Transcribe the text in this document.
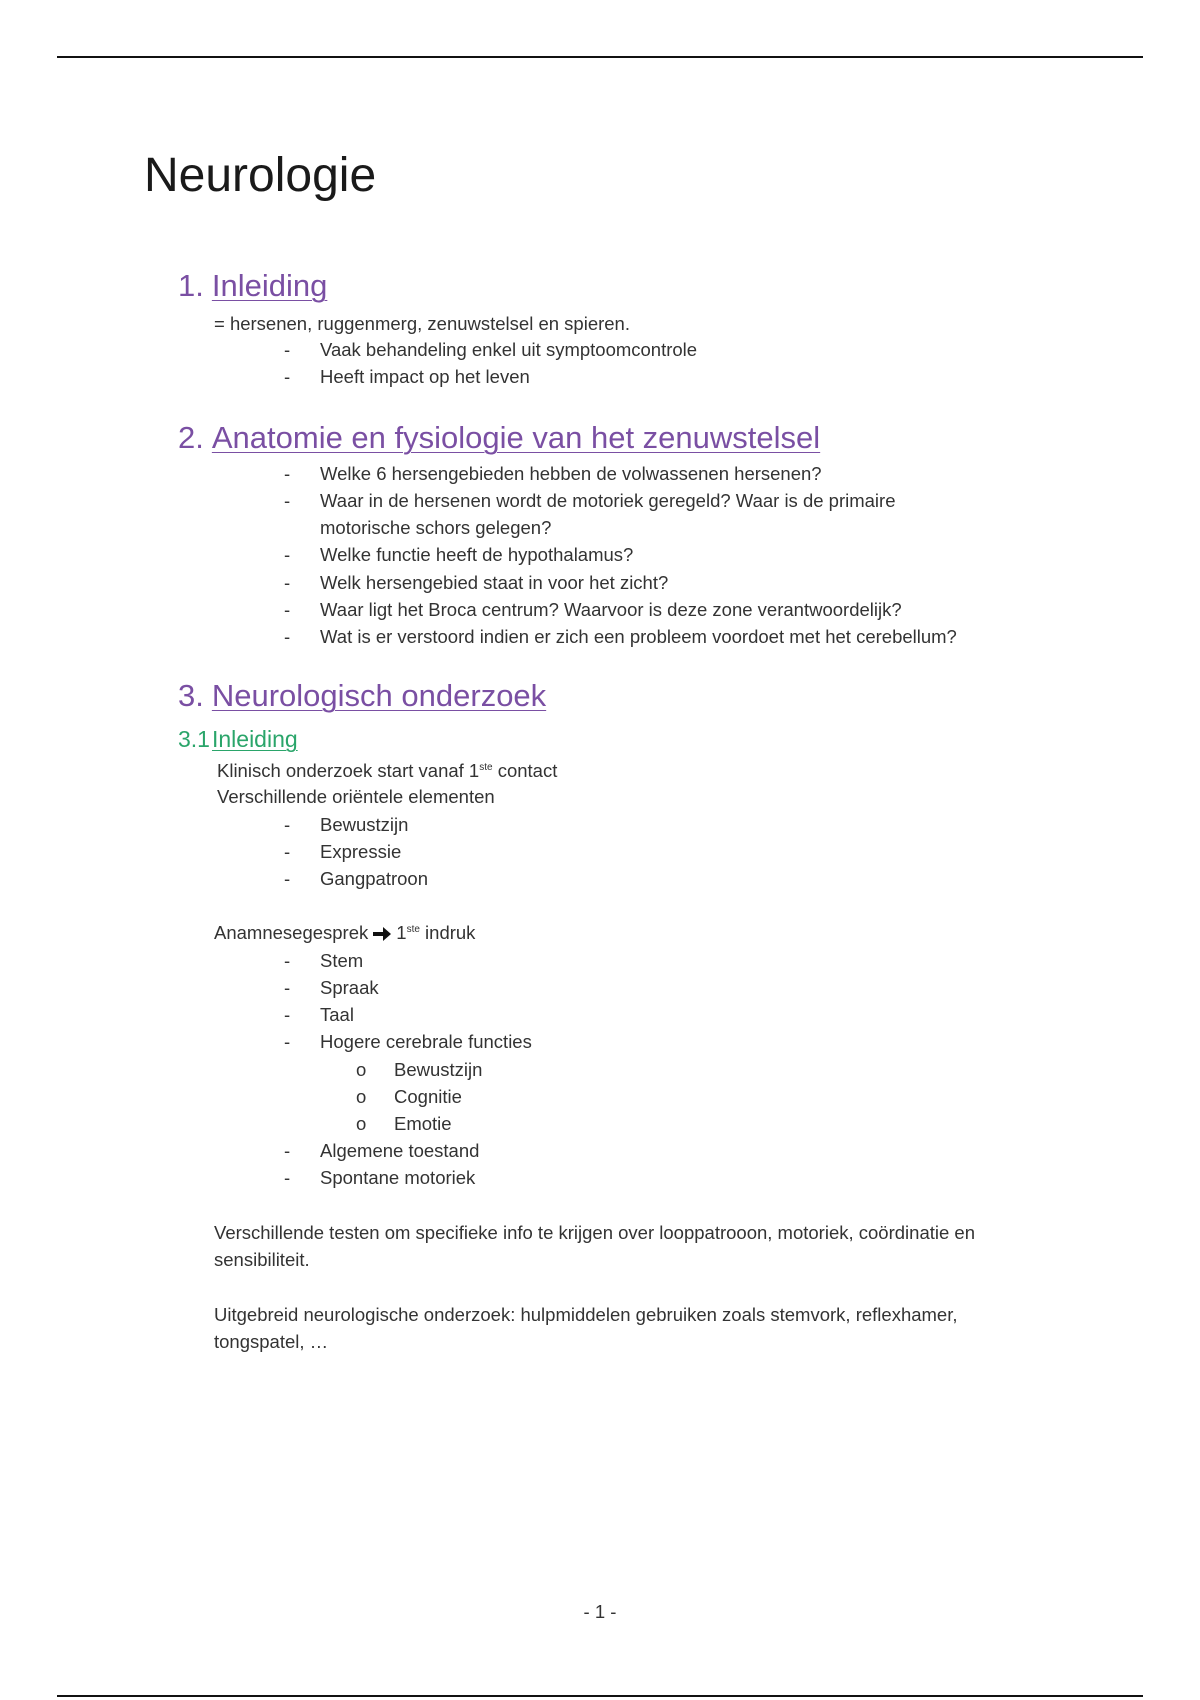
Neurologie
1. Inleiding
= hersenen, ruggenmerg, zenuwstelsel en spieren.
- Vaak behandeling enkel uit symptoomcontrole
- Heeft impact op het leven
2. Anatomie en fysiologie van het zenuwstelsel
- Welke 6 hersengebieden hebben de volwassenen hersenen?
- Waar in de hersenen wordt de motoriek geregeld? Waar is de primaire
motorische schors gelegen?
- Welke functie heeft de hypothalamus?
- Welk hersengebied staat in voor het zicht?
- Waar ligt het Broca centrum? Waarvoor is deze zone verantwoordelijk?
- Wat is er verstoord indien er zich een probleem voordoet met het cerebellum?
3. Neurologisch onderzoek
3.1Inleiding
Klinisch onderzoek start vanaf 1ste contact
Verschillende oriëntele elementen
- Bewustzijn
- Expressie
- Gangpatroon
Anamnesegesprek 1ste indruk
- Stem
- Spraak
- Taal
- Hogere cerebrale functies
o Bewustzijn
o Cognitie
o Emotie
- Algemene toestand
- Spontane motoriek
Verschillende testen om specifieke info te krijgen over looppatrooon, motoriek, coördinatie en
sensibiliteit.
Uitgebreid neurologische onderzoek: hulpmiddelen gebruiken zoals stemvork, reflexhamer,
tongspatel, …
- 1 -
